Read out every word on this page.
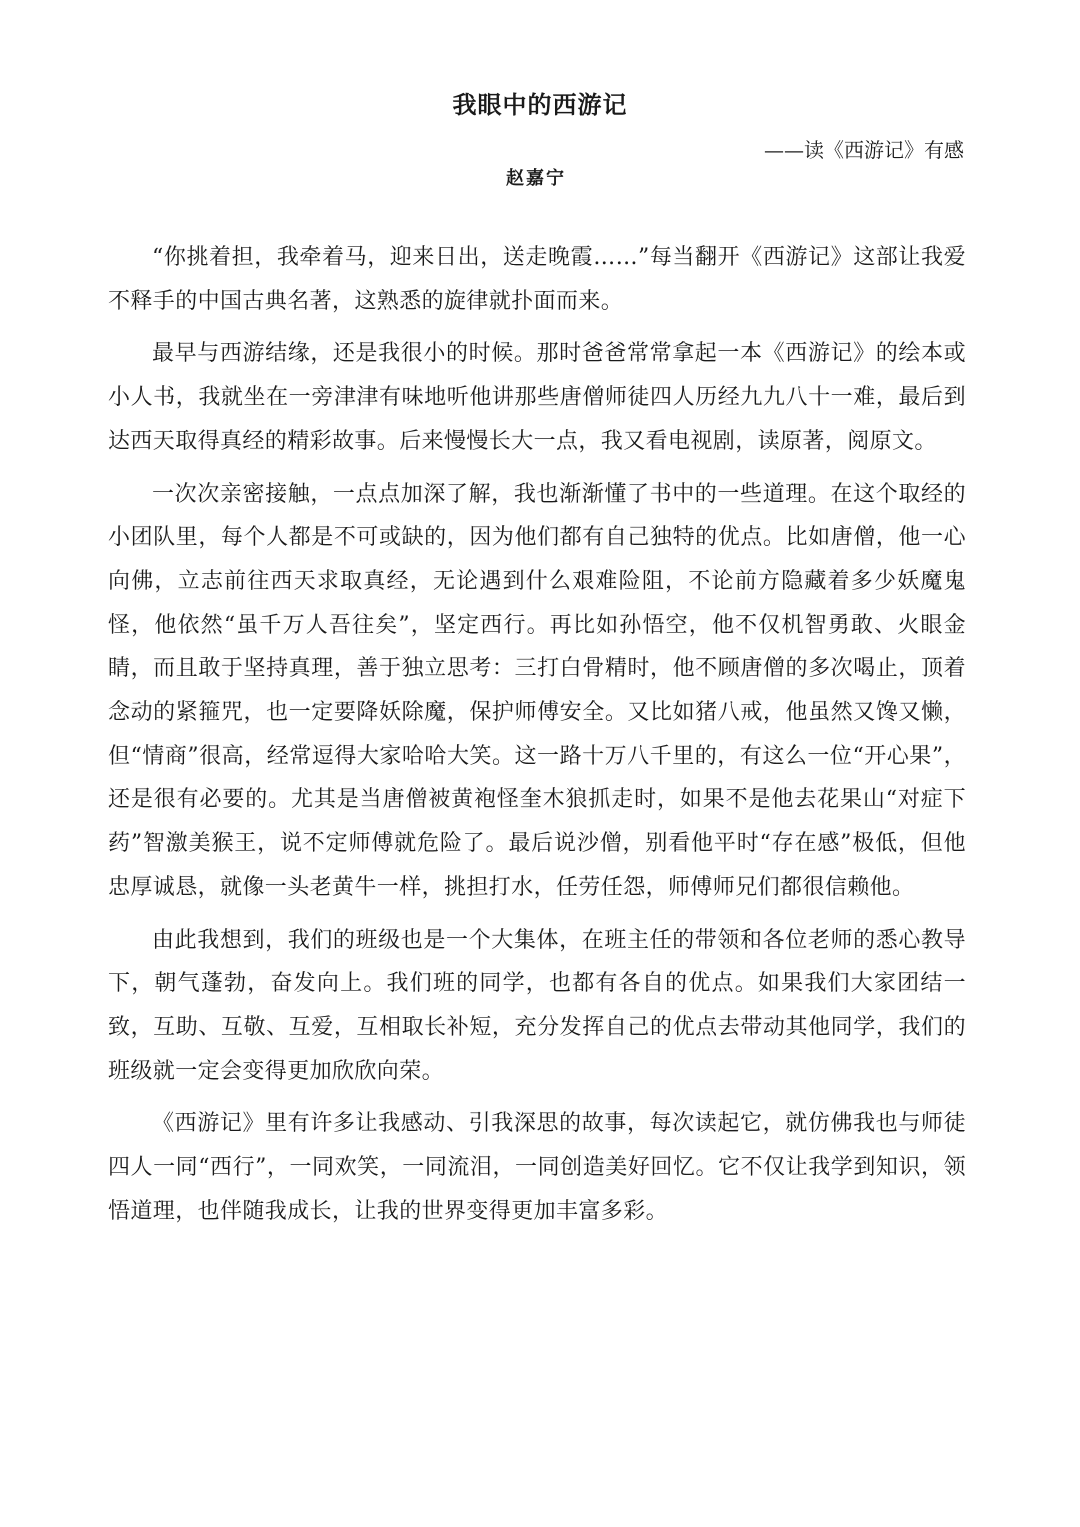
我眼中的西游记
——读《西游记》有感
赵嘉宁

“你挑着担，我牵着马，迎来日出，送走晚霞……”每当翻开《西游记》这部让我爱不释手的中国古典名著，这熟悉的旋律就扑面而来。

最早与西游结缘，还是我很小的时候。那时爸爸常常拿起一本《西游记》的绘本或小人书，我就坐在一旁津津有味地听他讲那些唐僧师徒四人历经九九八十一难，最后到达西天取得真经的精彩故事。后来慢慢长大一点，我又看电视剧，读原著，阅原文。

一次次亲密接触，一点点加深了解，我也渐渐懂了书中的一些道理。在这个取经的小团队里，每个人都是不可或缺的，因为他们都有自己独特的优点。比如唐僧，他一心向佛，立志前往西天求取真经，无论遇到什么艰难险阻，不论前方隐藏着多少妖魔鬼怪，他依然“虽千万人吾往矣”，坚定西行。再比如孙悟空，他不仅机智勇敢、火眼金睛，而且敢于坚持真理，善于独立思考：三打白骨精时，他不顾唐僧的多次喝止，顶着念动的紧箍咒，也一定要降妖除魔，保护师傅安全。又比如猪八戒，他虽然又馋又懒，但“情商”很高，经常逗得大家哈哈大笑。这一路十万八千里的，有这么一位“开心果”，还是很有必要的。尤其是当唐僧被黄袍怪奎木狼抓走时，如果不是他去花果山“对症下药”智激美猴王，说不定师傅就危险了。最后说沙僧，别看他平时“存在感”极低，但他忠厚诚恳，就像一头老黄牛一样，挑担打水，任劳任怨，师傅师兄们都很信赖他。

由此我想到，我们的班级也是一个大集体，在班主任的带领和各位老师的悉心教导下，朝气蓬勃，奋发向上。我们班的同学，也都有各自的优点。如果我们大家团结一致，互助、互敬、互爱，互相取长补短，充分发挥自己的优点去带动其他同学，我们的班级就一定会变得更加欣欣向荣。

《西游记》里有许多让我感动、引我深思的故事，每次读起它，就仿佛我也与师徒四人一同“西行”，一同欢笑，一同流泪，一同创造美好回忆。它不仅让我学到知识，领悟道理，也伴随我成长，让我的世界变得更加丰富多彩。
